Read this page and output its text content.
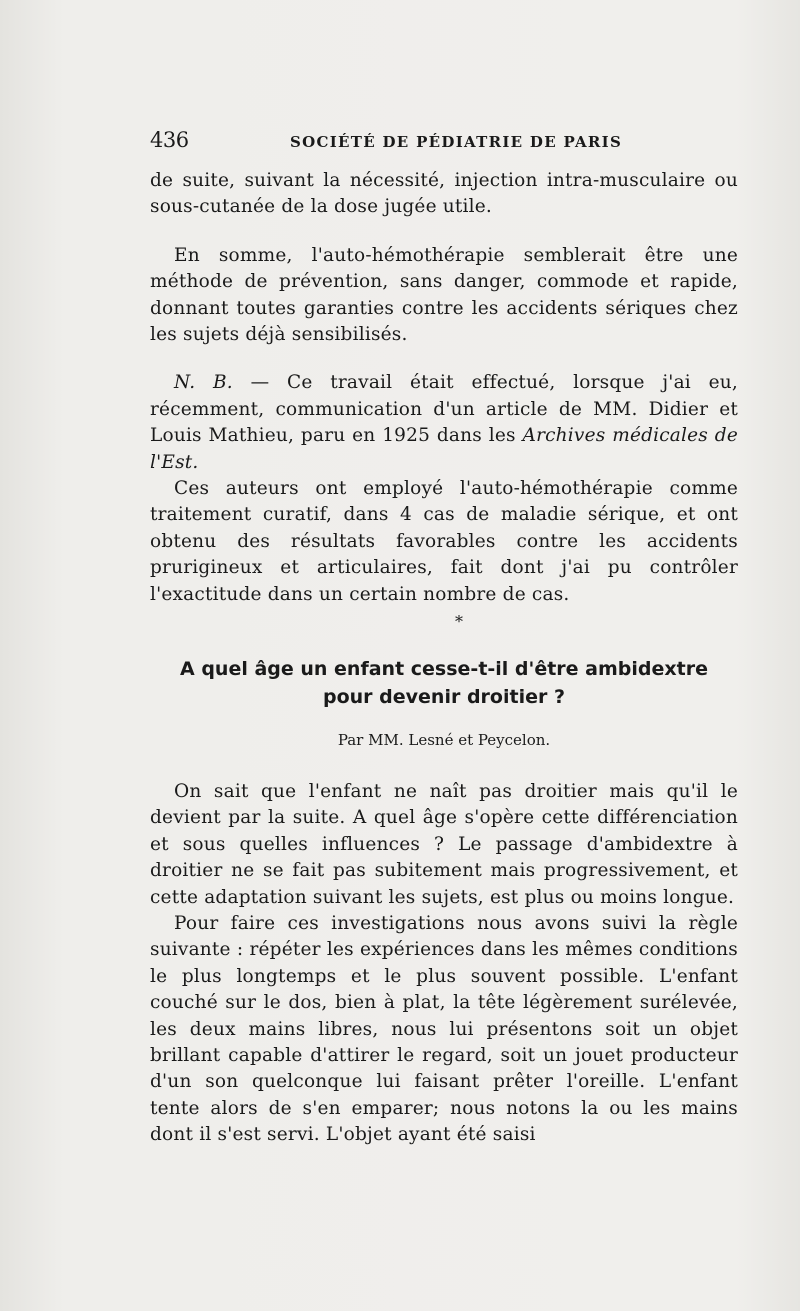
436	SOCIÉTÉ DE PÉDIATRIE DE PARIS

de suite, suivant la nécessité, injection intra-musculaire ou sous-cutanée de la dose jugée utile.

En somme, l'auto-hémothérapie semblerait être une méthode de prévention, sans danger, commode et rapide, donnant toutes garanties contre les accidents sériques chez les sujets déjà sensibilisés.

N. B. — Ce travail était effectué, lorsque j'ai eu, récemment, communication d'un article de MM. Didier et Louis Mathieu, paru en 1925 dans les Archives médicales de l'Est.

Ces auteurs ont employé l'auto-hémothérapie comme traitement curatif, dans 4 cas de maladie sérique, et ont obtenu des résultats favorables contre les accidents prurigineux et articulaires, fait dont j'ai pu contrôler l'exactitude dans un certain nombre de cas.

*
A quel âge un enfant cesse-t-il d'être ambidextre
pour devenir droitier ?
Par MM. Lesné et Peycelon.

On sait que l'enfant ne naît pas droitier mais qu'il le devient par la suite. A quel âge s'opère cette différenciation et sous quelles influences ? Le passage d'ambidextre à droitier ne se fait pas subitement mais progressivement, et cette adaptation suivant les sujets, est plus ou moins longue.

Pour faire ces investigations nous avons suivi la règle suivante : répéter les expériences dans les mêmes conditions le plus longtemps et le plus souvent possible. L'enfant couché sur le dos, bien à plat, la tête légèrement surélevée, les deux mains libres, nous lui présentons soit un objet brillant capable d'attirer le regard, soit un jouet producteur d'un son quelconque lui faisant prêter l'oreille. L'enfant tente alors de s'en emparer; nous notons la ou les mains dont il s'est servi. L'objet ayant été saisi
